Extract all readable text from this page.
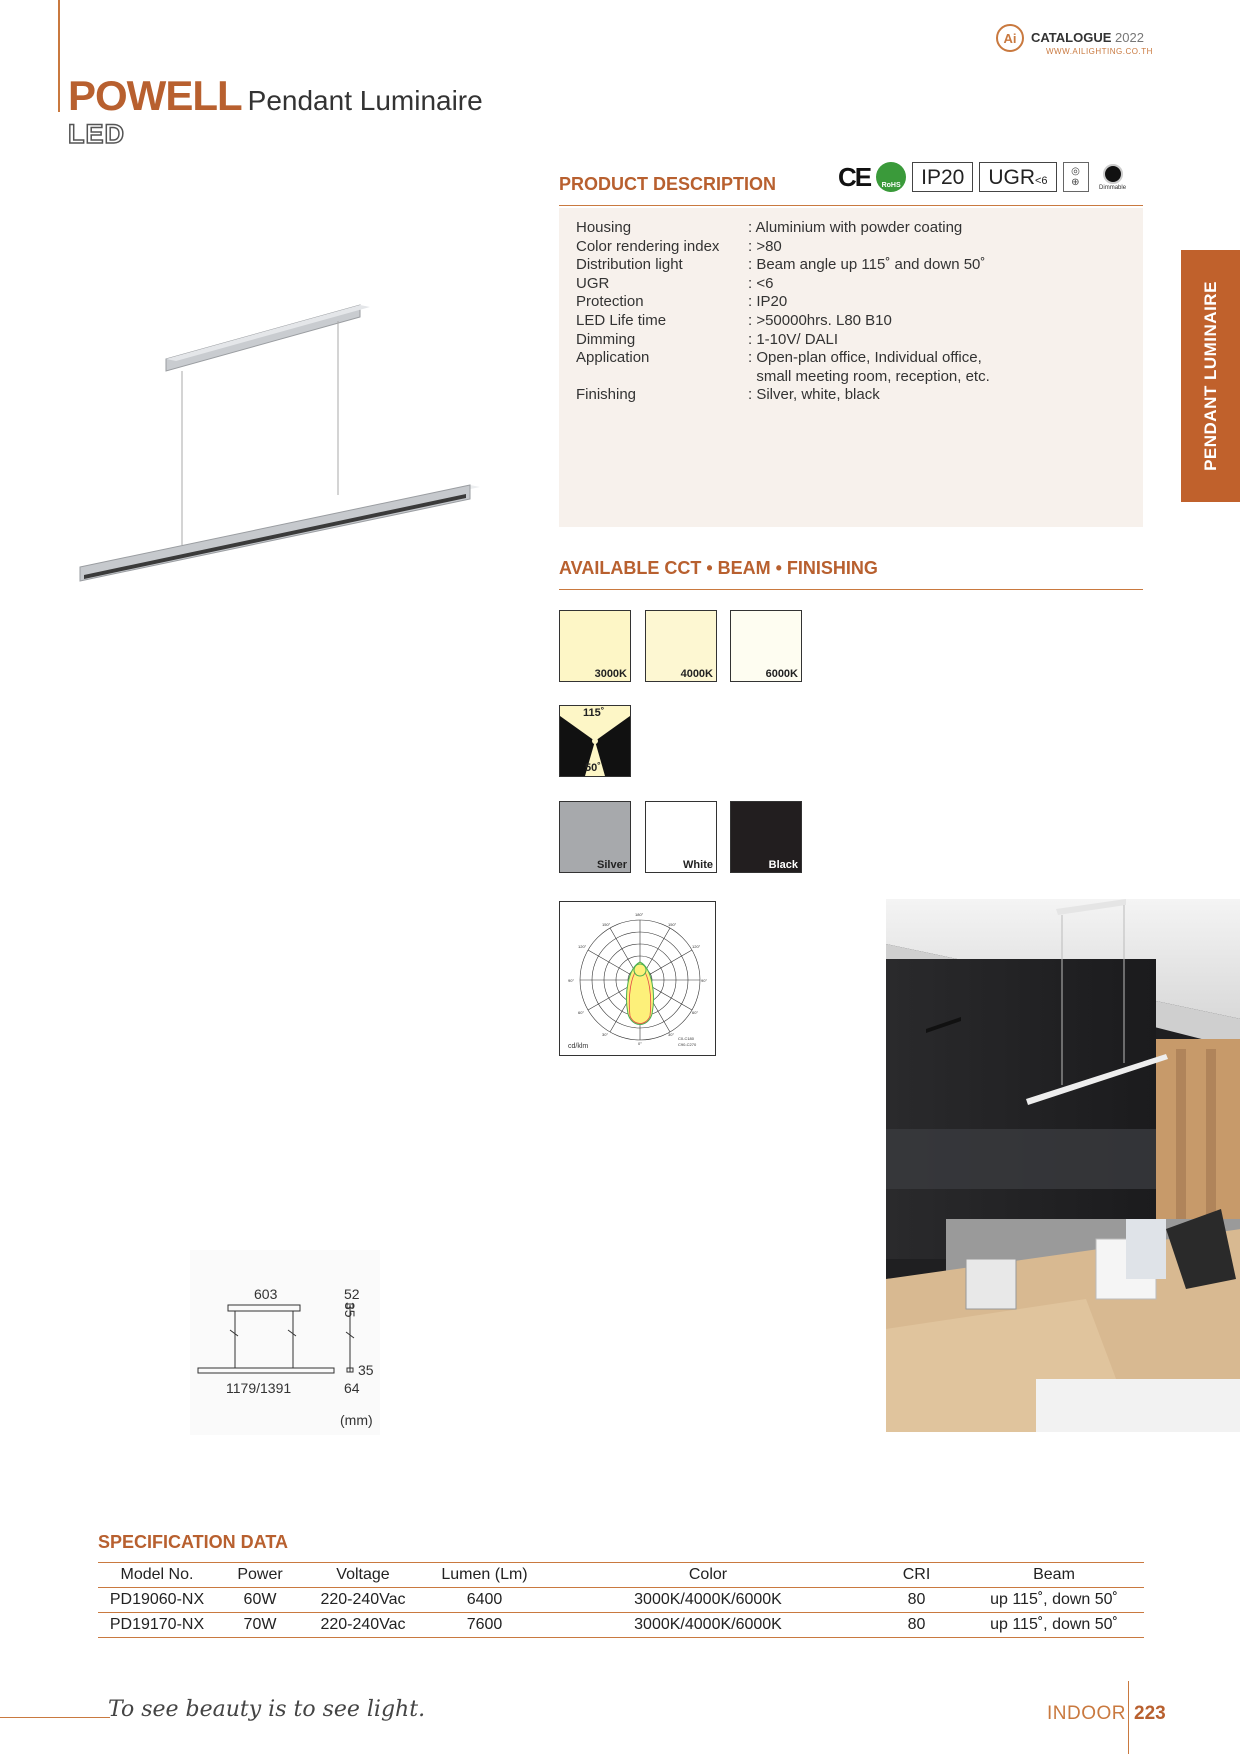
POWELL Pendant Luminaire
LED
Ai	CATALOGUE 2022
WWW.AILIGHTING.CO.TH
PENDANT LUMINAIRE
PRODUCT DESCRIPTION CE	RoHS IP20	UGR<6
◎
⊕	Dimmable
Housing	: Aluminium with powder coating
Color rendering index	: >80
Distribution light	: Beam angle up 115˚ and down 50˚
UGR	: <6
Protection	: IP20
LED Life time	: >50000hrs. L80 B10
Dimming	: 1-10V/ DALI
Application	: Open-plan office, Individual office,
	small meeting room, reception, etc.
Finishing	: Silver, white, black
AVAILABLE CCT • BEAM • FINISHING
3000K	4000K	6000K
115˚
50˚
Silver	White	Black
180°
150°	150°
120°	120°
90°	90°
60°	60°
30°	30°
0°
C0-C180
C90-C270
cd/klm
603	52
35
35
1179/1391	64
(mm)
SPECIFICATION DATA
Model No.	Power	Voltage	Lumen (Lm)	Color	CRI	Beam
PD19060-NX	60W	220-240Vac	6400	3000K/4000K/6000K	80	up 115˚, down 50˚
PD19170-NX	70W	220-240Vac	7600	3000K/4000K/6000K	80	up 115˚, down 50˚
To see beauty is to see light.	INDOOR 223
